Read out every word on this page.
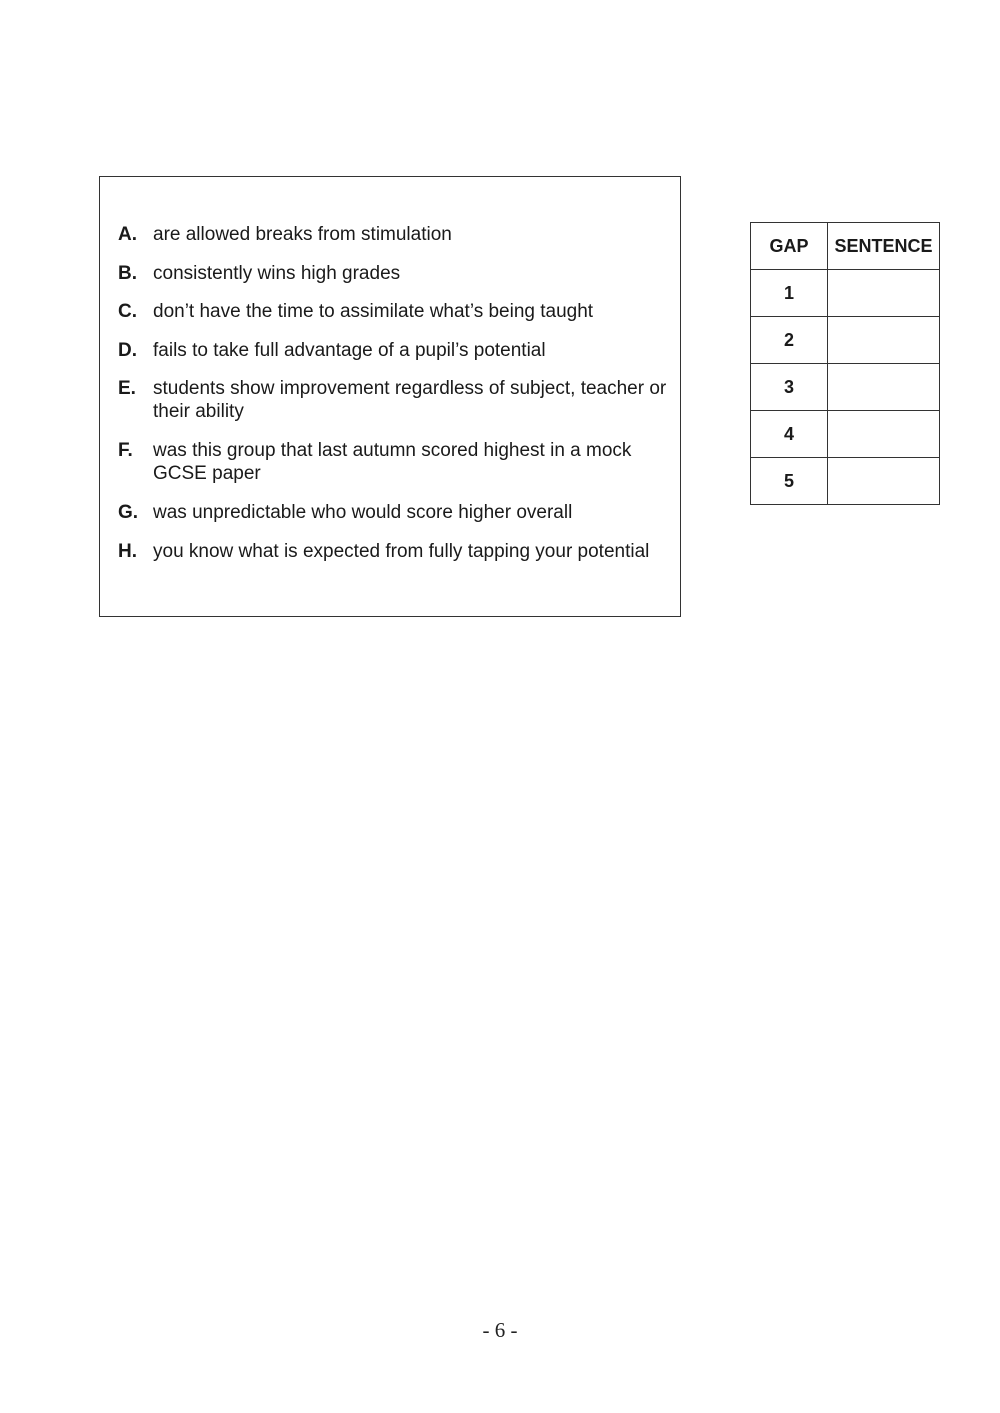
A. are allowed breaks from stimulation
B. consistently wins high grades
C. don’t have the time to assimilate what’s being taught
D. fails to take full advantage of a pupil’s potential
E. students show improvement regardless of subject, teacher or their ability
F. was this group that last autumn scored highest in a mock GCSE paper
G. was unpredictable who would score higher overall
H. you know what is expected from fully tapping your potential
GAP	SENTENCE
1	
2	
3	
4	
5	
- 6 -
